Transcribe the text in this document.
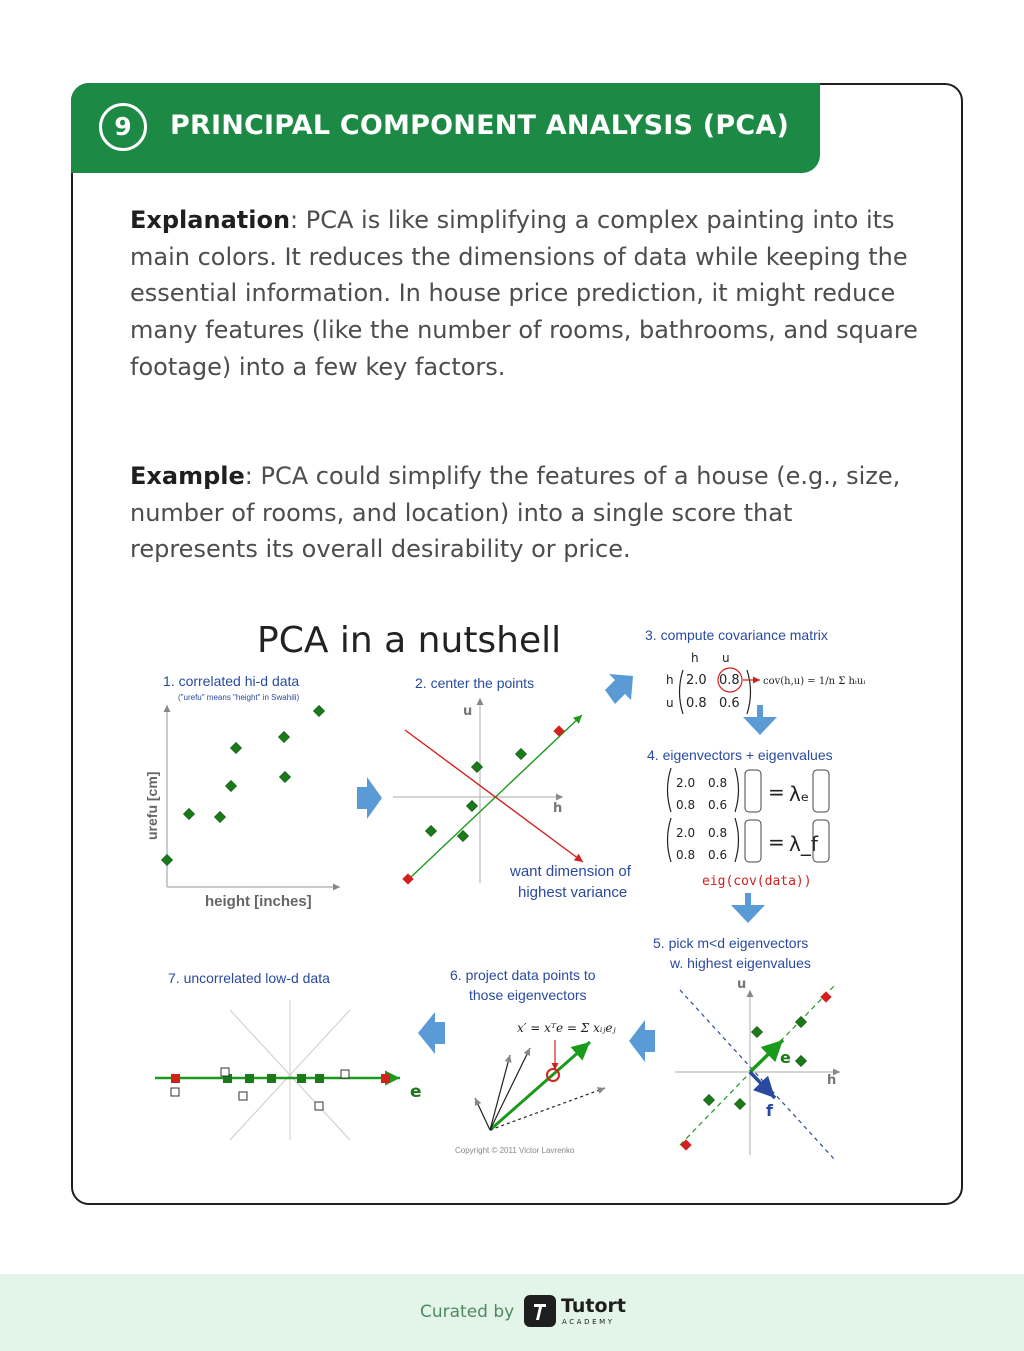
9	PRINCIPAL COMPONENT ANALYSIS (PCA)

Explanation: PCA is like simplifying a complex painting into its main colors. It reduces the dimensions of data while keeping the essential information. In house price prediction, it might reduce many features (like the number of rooms, bathrooms, and square footage) into a few key factors.

Example: PCA could simplify the features of a house (e.g., size, number of rooms, and location) into a single score that represents its overall desirability or price.

PCA in a nutshell
1. correlated hi-d data
("urefu" means "height" in Swahili)
urefu [cm]
height [inches]
2. center the points
u
h
want dimension of
highest variance
3. compute covariance matrix
h u
h
u
2.0 0.8
0.8 0.6
cov(h,u) = 1/n Σ hᵢuᵢ
4. eigenvectors + eigenvalues
2.0 0.8
0.8 0.6
= λₑ
2.0 0.8
0.8 0.6
= λ_f
eig(cov(data))
5. pick m<d eigenvectors
w. highest eigenvalues
u
h
e
f
6. project data points to
those eigenvectors
x′ = xᵀe = Σ xᵢⱼeⱼ
Copyright © 2011 Victor Lavrenko
7. uncorrelated low-d data
e
Curated by Tutort
ACADEMY
